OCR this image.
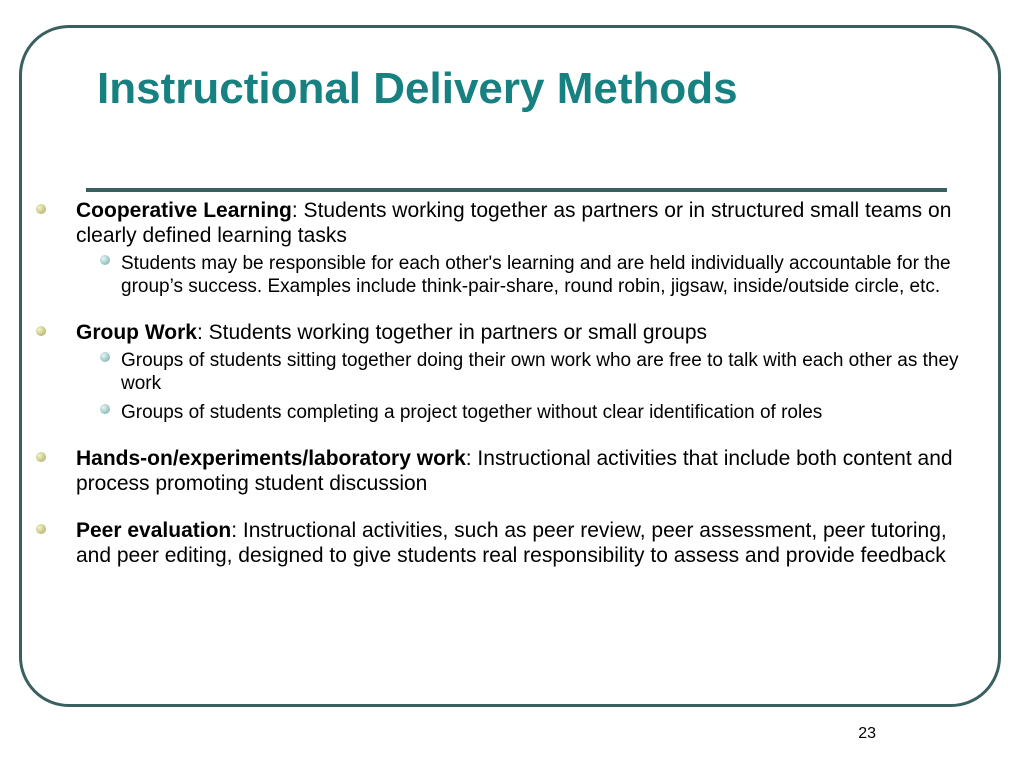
Instructional Delivery Methods
Cooperative Learning: Students working together as partners or in structured small teams on clearly defined learning tasks
Students may be responsible for each other's learning and are held individually accountable for the group’s success. Examples include think-pair-share, round robin, jigsaw, inside/outside circle, etc.
Group Work: Students working together in partners or small groups
Groups of students sitting together doing their own work who are free to talk with each other as they work
Groups of students completing a project together without clear identification of roles
Hands-on/experiments/laboratory work: Instructional activities that include both content and process promoting student discussion
Peer evaluation: Instructional activities, such as peer review, peer assessment, peer tutoring, and peer editing, designed to give students real responsibility to assess and provide feedback
23
